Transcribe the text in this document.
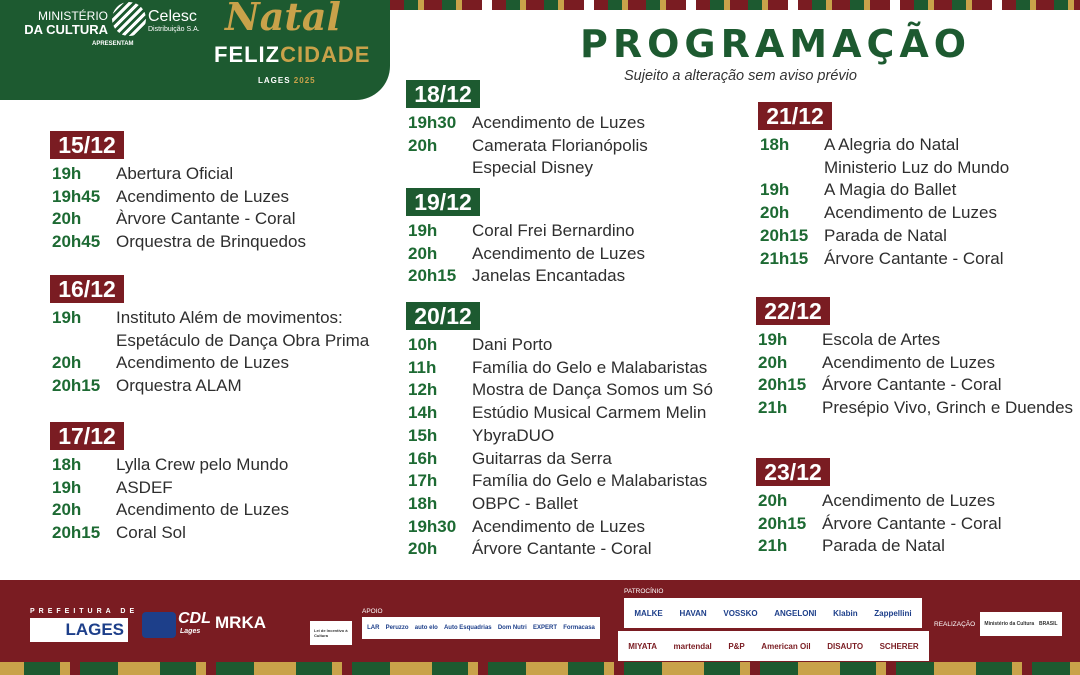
MINISTÉRIO
DA CULTURA
Celesc
Distribuição S.A.
APRESENTAM
Natal
FELIZCIDADE
LAGES 2025
PROGRAMAÇÃO
Sujeito a alteração sem aviso prévio
15/12
19h	Abertura Oficial
19h45 Acendimento de Luzes
20h	Àrvore Cantante - Coral
20h45 Orquestra de Brinquedos
16/12
19h	Instituto Além de movimentos:
Espetáculo de Dança Obra Prima
20h	Acendimento de Luzes
20h15 Orquestra ALAM
17/12
18h	Lylla Crew pelo Mundo
19h	ASDEF
20h	Acendimento de Luzes
20h15 Coral Sol
18/12
19h30 Acendimento de Luzes
20h	Camerata Florianópolis
Especial Disney
19/12
19h	Coral Frei Bernardino
20h	Acendimento de Luzes
20h15 Janelas Encantadas
20/12
10h	Dani Porto
11h	Família do Gelo e Malabaristas
12h	Mostra de Dança Somos um Só
14h	Estúdio Musical Carmem Melin
15h	YbyraDUO
16h	Guitarras da Serra
17h	Família do Gelo e Malabaristas
18h	OBPC - Ballet
19h30 Acendimento de Luzes
20h	Árvore Cantante - Coral
21/12
18h	A Alegria do Natal
Ministerio Luz do Mundo
19h	A Magia do Ballet
20h	Acendimento de Luzes
20h15 Parada de Natal
21h15 Árvore Cantante - Coral
22/12
19h	Escola de Artes
20h	Acendimento de Luzes
20h15 Árvore Cantante - Coral
21h	Presépio Vivo, Grinch e Duendes
23/12
20h	Acendimento de Luzes
20h15 Árvore Cantante - Coral
21h	Parada de Natal
PREFEITURA DE
LAGES
CDL
Lages MRKA	Lei de Incentivo à Cultura
APOIO
LAR Peruzzo auto elo Auto Esquadrias Dom Nutri EXPERT Formacasa
PATROCÍNIO
MALKE HAVAN VOSSKO ANGELONI Klabin Zappellini
MIYATA martendal P&P American Oil DISAUTO SCHERER
REALIZAÇÃO Ministério da Cultura BRASIL
